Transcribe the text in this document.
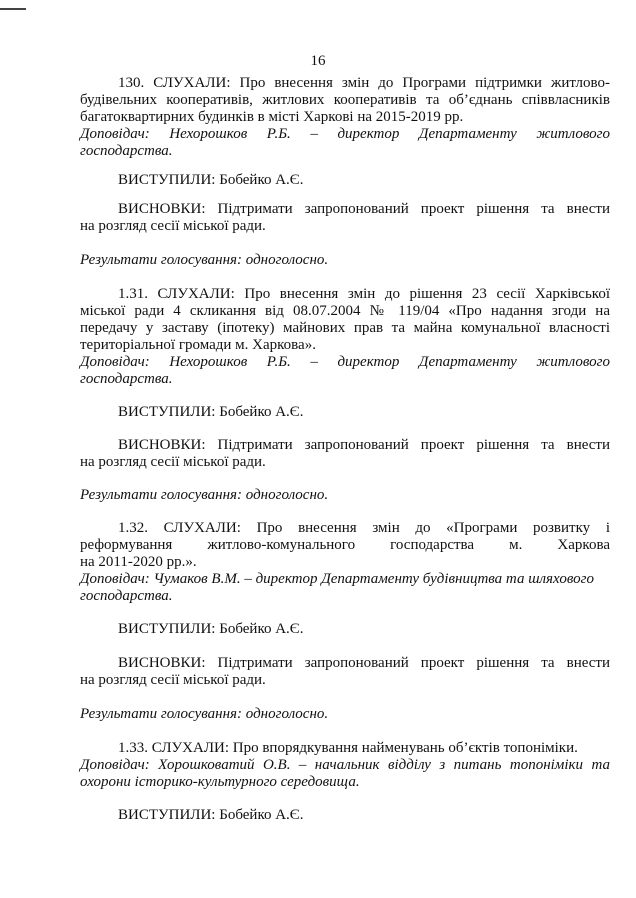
16
130. СЛУХАЛИ: Про внесення змін до Програми підтримки житлово-
будівельних кооперативів, житлових кооперативів та об’єднань співвласників
багатоквартирних будинків в місті Харкові на 2015-2019 рр.
Доповідач: Нехорошков Р.Б. – директор Департаменту житлового
господарства.
ВИСТУПИЛИ: Бобейко А.Є.
ВИСНОВКИ: Підтримати запропонований проект рішення та внести
на розгляд сесії міської ради.
Результати голосування: одноголосно.
1.31. СЛУХАЛИ: Про внесення змін до рішення 23 сесії Харківської
міської ради 4 скликання від 08.07.2004 № 119/04 «Про надання згоди на
передачу у заставу (іпотеку) майнових прав та майна комунальної власності
територіальної громади м. Харкова».
Доповідач: Нехорошков Р.Б. – директор Департаменту житлового
господарства.
ВИСТУПИЛИ: Бобейко А.Є.
ВИСНОВКИ: Підтримати запропонований проект рішення та внести
на розгляд сесії міської ради.
Результати голосування: одноголосно.
1.32. СЛУХАЛИ: Про внесення змін до «Програми розвитку і
реформування житлово-комунального господарства м. Харкова
на 2011-2020 рр.».
Доповідач: Чумаков В.М. – директор Департаменту будівництва та шляхового
господарства.
ВИСТУПИЛИ: Бобейко А.Є.
ВИСНОВКИ: Підтримати запропонований проект рішення та внести
на розгляд сесії міської ради.
Результати голосування: одноголосно.
1.33. СЛУХАЛИ: Про впорядкування найменувань об’єктів топоніміки.
Доповідач: Хорошковатий О.В. – начальник відділу з питань топоніміки та
охорони історико-культурного середовища.
ВИСТУПИЛИ: Бобейко А.Є.
